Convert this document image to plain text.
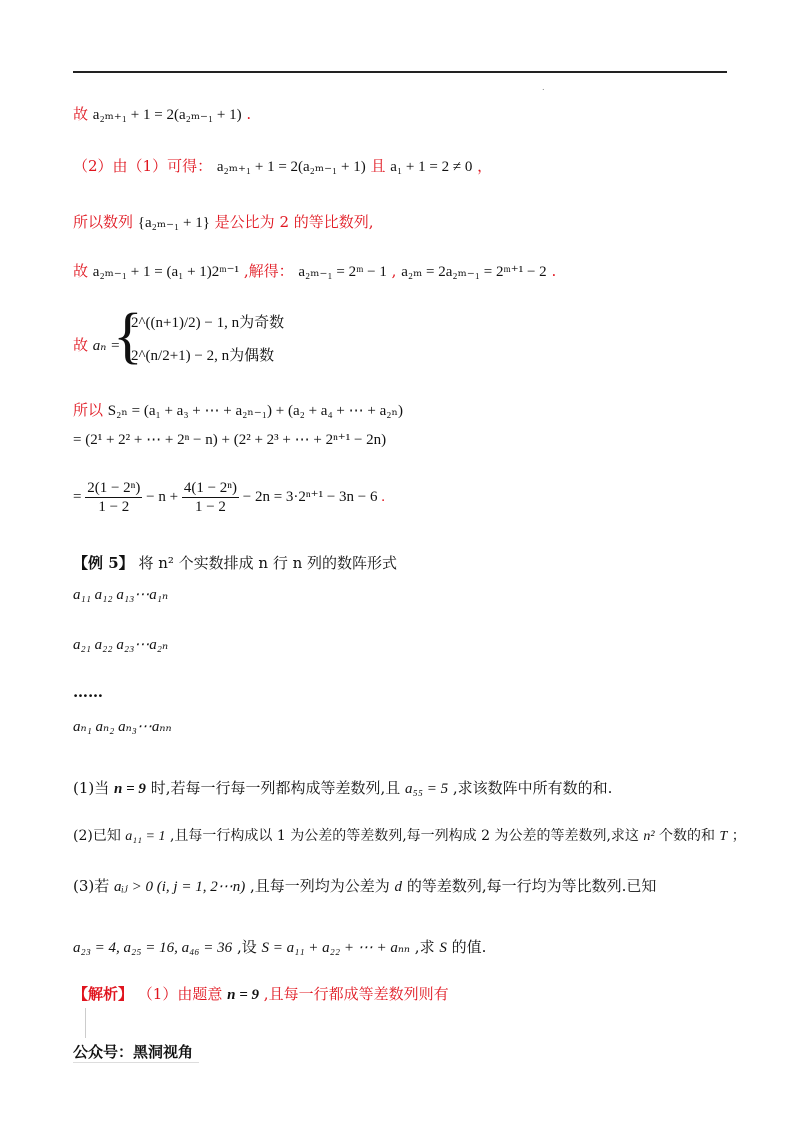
.
故 a₂ₘ₊₁ + 1 = 2(a₂ₘ₋₁ + 1) .
（2）由（1）可得： a₂ₘ₊₁ + 1 = 2(a₂ₘ₋₁ + 1) 且 a₁ + 1 = 2 ≠ 0 ，
所以数列 {a₂ₘ₋₁ + 1} 是公比为 2 的等比数列,
故 a₂ₘ₋₁ + 1 = (a₁ + 1)2ᵐ⁻¹ ,解得： a₂ₘ₋₁ = 2ᵐ − 1 , a₂ₘ = 2a₂ₘ₋₁ = 2ᵐ⁺¹ − 2 .
故 aₙ =
{
2^((n+1)/2) − 1, n为奇数
2^(n/2+1) − 2, n为偶数
所以 S₂ₙ = (a₁ + a₃ + ⋯ + a₂ₙ₋₁) + (a₂ + a₄ + ⋯ + a₂ₙ)
= (2¹ + 2² + ⋯ + 2ⁿ − n) + (2² + 2³ + ⋯ + 2ⁿ⁺¹ − 2n)
= $\frac{\text{2(1 − 2ⁿ)}}{1 - 2} - n + \frac{\text{4(1 − 2ⁿ)}}{1 - 2} - 2n = 3\cdot 2^{n+1} - 3n - 6$ .
【例 5】 将 n² 个实数排成 n 行 n 列的数阵形式
a₁₁ a₁₂ a₁₃⋯a₁ₙ
a₂₁ a₂₂ a₂₃⋯a₂ₙ
……
aₙ₁ aₙ₂ aₙ₃⋯aₙₙ
(1)当 n = 9 时,若每一行每一列都构成等差数列,且 a₅₅ = 5 ,求该数阵中所有数的和.
(2)已知 a₁₁ = 1 ,且每一行构成以 1 为公差的等差数列,每一列构成 2 为公差的等差数列,求这 n² 个数的和 T ；
(3)若 aᵢⱼ > 0 (i, j = 1, 2⋯n) ,且每一列均为公差为 d 的等差数列,每一行均为等比数列.已知
a₂₃ = 4, a₂₅ = 16, a₄₆ = 36 ,设 S = a₁₁ + a₂₂ + ⋯ + aₙₙ ,求 S 的值.
【解析】 （1）由题意 n = 9 ,且每一行都成等差数列则有
公众号：黑洞视角
